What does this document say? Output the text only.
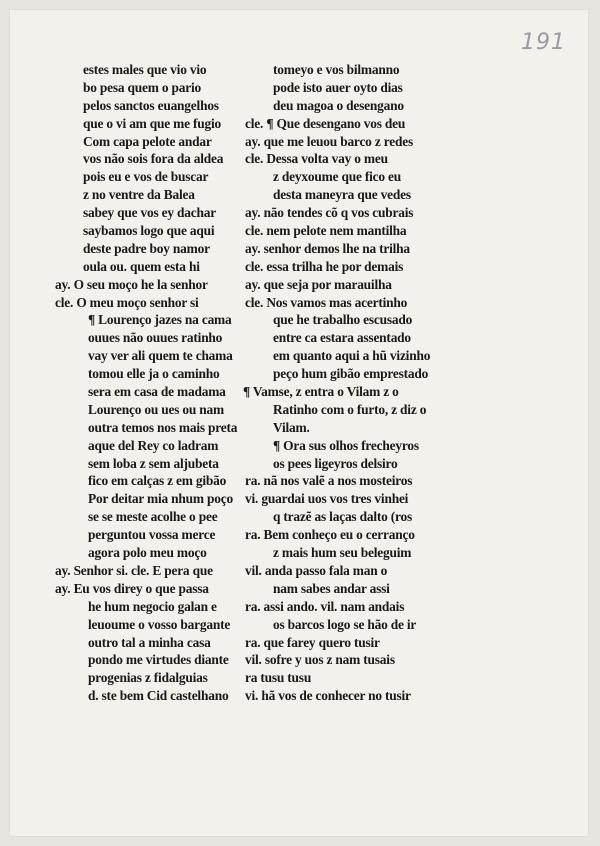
191
estes males que vio vio
bo pesa quem o pario
pelos sanctos euangelhos
que o vi am que me fugio
Com capa pelote andar
vos não sois fora da aldea
pois eu e vos de buscar
z no ventre da Balea
sabey que vos ey dachar
saybamos logo que aqui
deste padre boy namor
oula ou. quem esta hi
ay. O seu moço he la senhor
cle. O meu moço senhor si
¶ Lourenço jazes na cama
ouues não ouues ratinho
vay ver ali quem te chama
tomou elle ja o caminho
sera em casa de madama
Lourenço ou ues ou nam
outra temos nos mais preta
aque del Rey co ladram
sem loba z sem aljubeta
fico em calças z em gibão
Por deitar mia nhum poço
se se meste acolhe o pee
perguntou vossa merce
agora polo meu moço
ay. Senhor si. cle. E pera que
ay. Eu vos direy o que passa
he hum negocio galan e
leuoume o vosso bargante
outro tal a minha casa
pondo me virtudes diante
progenias z fidalguias
d. ste bem Cid castelhano
tomeyo e vos bilmanno
pode isto auer oyto dias
deu magoa o desengano
cle. ¶ Que desengano vos deu
ay. que me leuou barco z redes
cle. Dessa volta vay o meu
z deyxoume que fico eu
desta maneyra que vedes
ay. não tendes cõ q vos cubrais
cle. nem pelote nem mantilha
ay. senhor demos lhe na trilha
cle. essa trilha he por demais
ay. que seja por marauilha
cle. Nos vamos mas acertinho
que he trabalho escusado
entre ca estara assentado
em quanto aqui a hũ vizinho
peço hum gibão emprestado
¶ Vamse, z entra o Vilam z o
Ratinho com o furto, z diz o
Vilam.
¶ Ora sus olhos frecheyros
os pees ligeyros delsiro
ra. nã nos valẽ a nos mosteiros
vi. guardai uos vos tres vinhei
q trazẽ as laças dalto (ros
ra. Bem conheço eu o cerranço
z mais hum seu beleguim
vil. anda passo fala man o
nam sabes andar assi
ra. assi ando. vil. nam andais
os barcos logo se hão de ir
ra. que farey quero tusir
vil. sofre y uos z nam tusais
ra tusu tusu
vi. hã vos de conhecer no tusir
